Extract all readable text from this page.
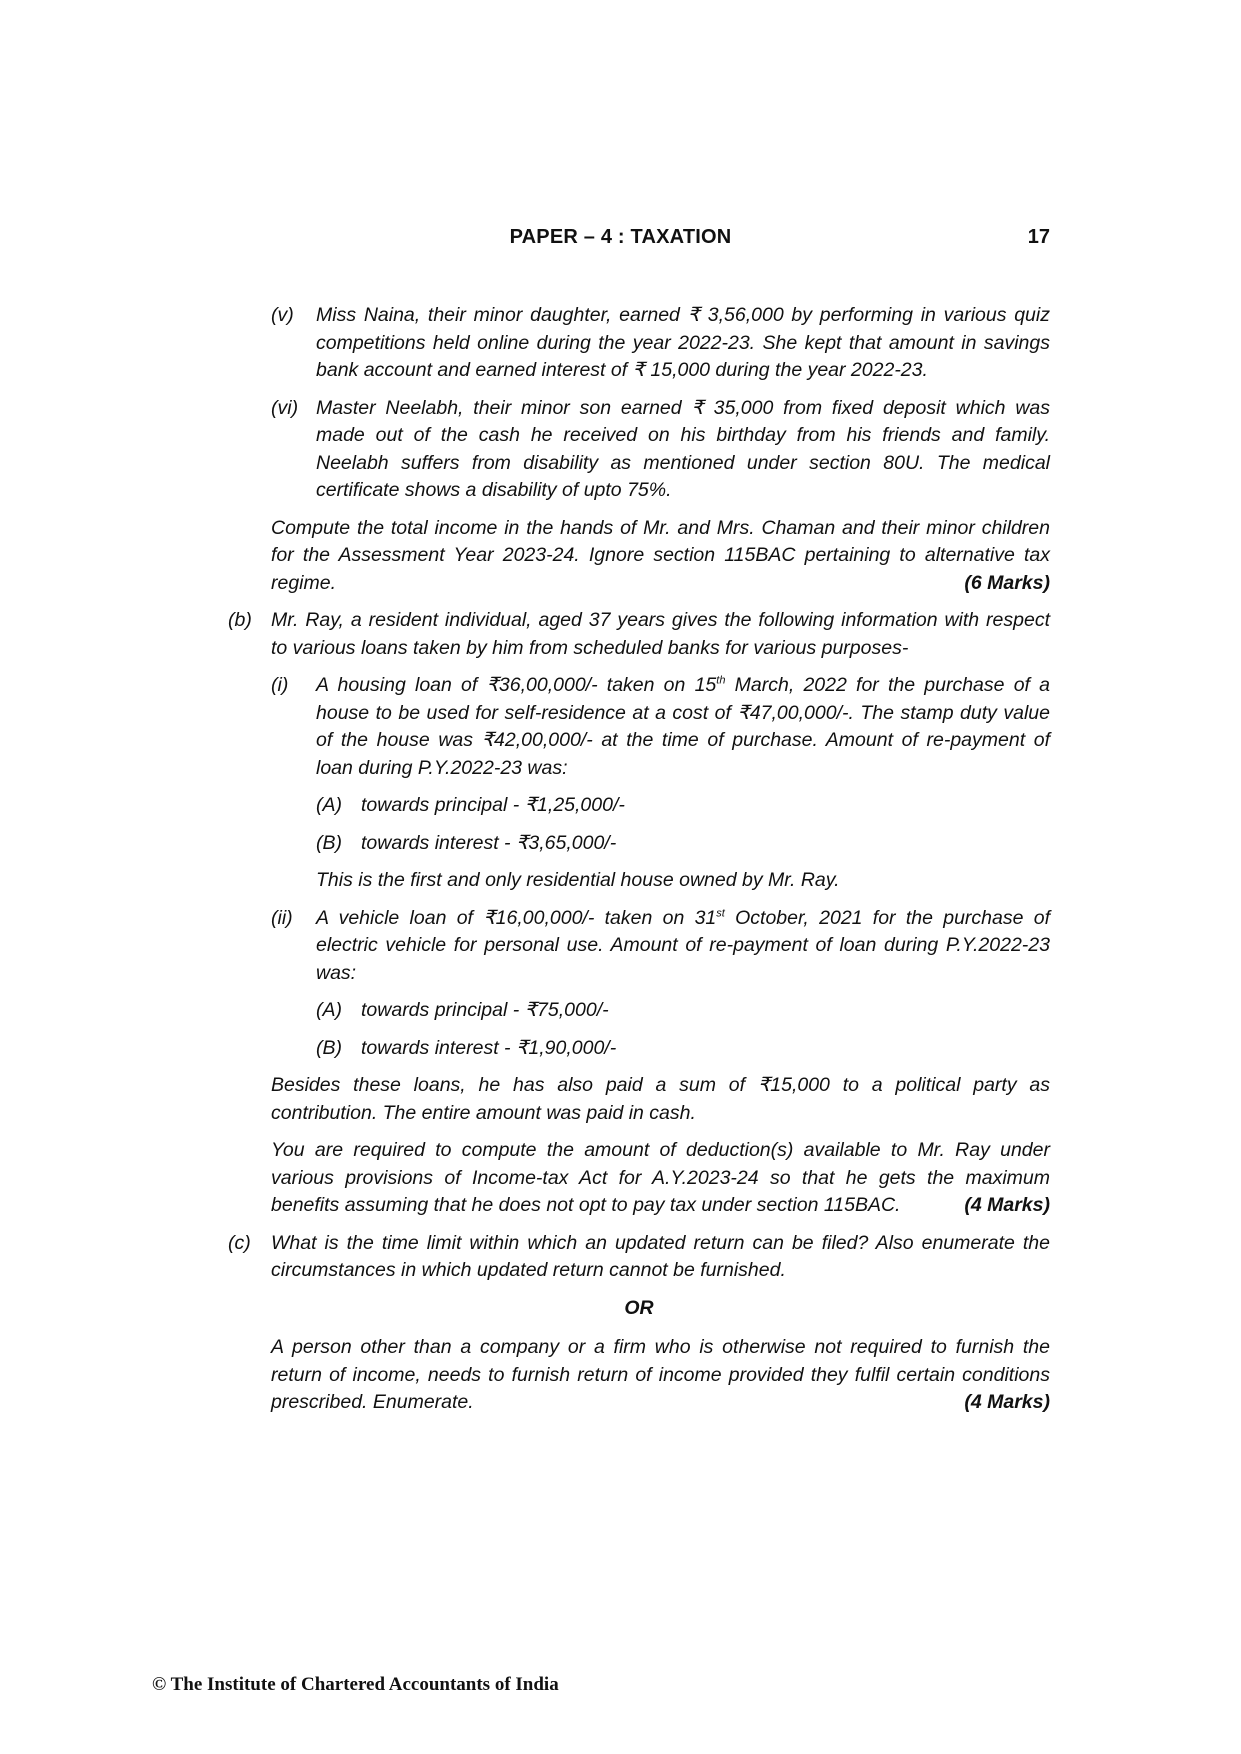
PAPER – 4 : TAXATION	17
(v) Miss Naina, their minor daughter, earned ₹ 3,56,000 by performing in various quiz competitions held online during the year 2022-23. She kept that amount in savings bank account and earned interest of ₹ 15,000 during the year 2022-23.
(vi) Master Neelabh, their minor son earned ₹ 35,000 from fixed deposit which was made out of the cash he received on his birthday from his friends and family. Neelabh suffers from disability as mentioned under section 80U. The medical certificate shows a disability of upto 75%.
Compute the total income in the hands of Mr. and Mrs. Chaman and their minor children for the Assessment Year 2023-24. Ignore section 115BAC pertaining to alternative tax regime.	(6 Marks)
(b) Mr. Ray, a resident individual, aged 37 years gives the following information with respect to various loans taken by him from scheduled banks for various purposes-
(i) A housing loan of ₹36,00,000/- taken on 15th March, 2022 for the purchase of a house to be used for self-residence at a cost of ₹47,00,000/-. The stamp duty value of the house was ₹42,00,000/- at the time of purchase. Amount of re-payment of loan during P.Y.2022-23 was:
(A) towards principal - ₹1,25,000/-
(B) towards interest - ₹3,65,000/-
This is the first and only residential house owned by Mr. Ray.
(ii) A vehicle loan of ₹16,00,000/- taken on 31st October, 2021 for the purchase of electric vehicle for personal use. Amount of re-payment of loan during P.Y.2022-23 was:
(A) towards principal - ₹75,000/-
(B) towards interest - ₹1,90,000/-
Besides these loans, he has also paid a sum of ₹15,000 to a political party as contribution. The entire amount was paid in cash.
You are required to compute the amount of deduction(s) available to Mr. Ray under various provisions of Income-tax Act for A.Y.2023-24 so that he gets the maximum benefits assuming that he does not opt to pay tax under section 115BAC.	(4 Marks)
(c) What is the time limit within which an updated return can be filed? Also enumerate the circumstances in which updated return cannot be furnished.
OR
A person other than a company or a firm who is otherwise not required to furnish the return of income, needs to furnish return of income provided they fulfil certain conditions prescribed. Enumerate.	(4 Marks)
© The Institute of Chartered Accountants of India
